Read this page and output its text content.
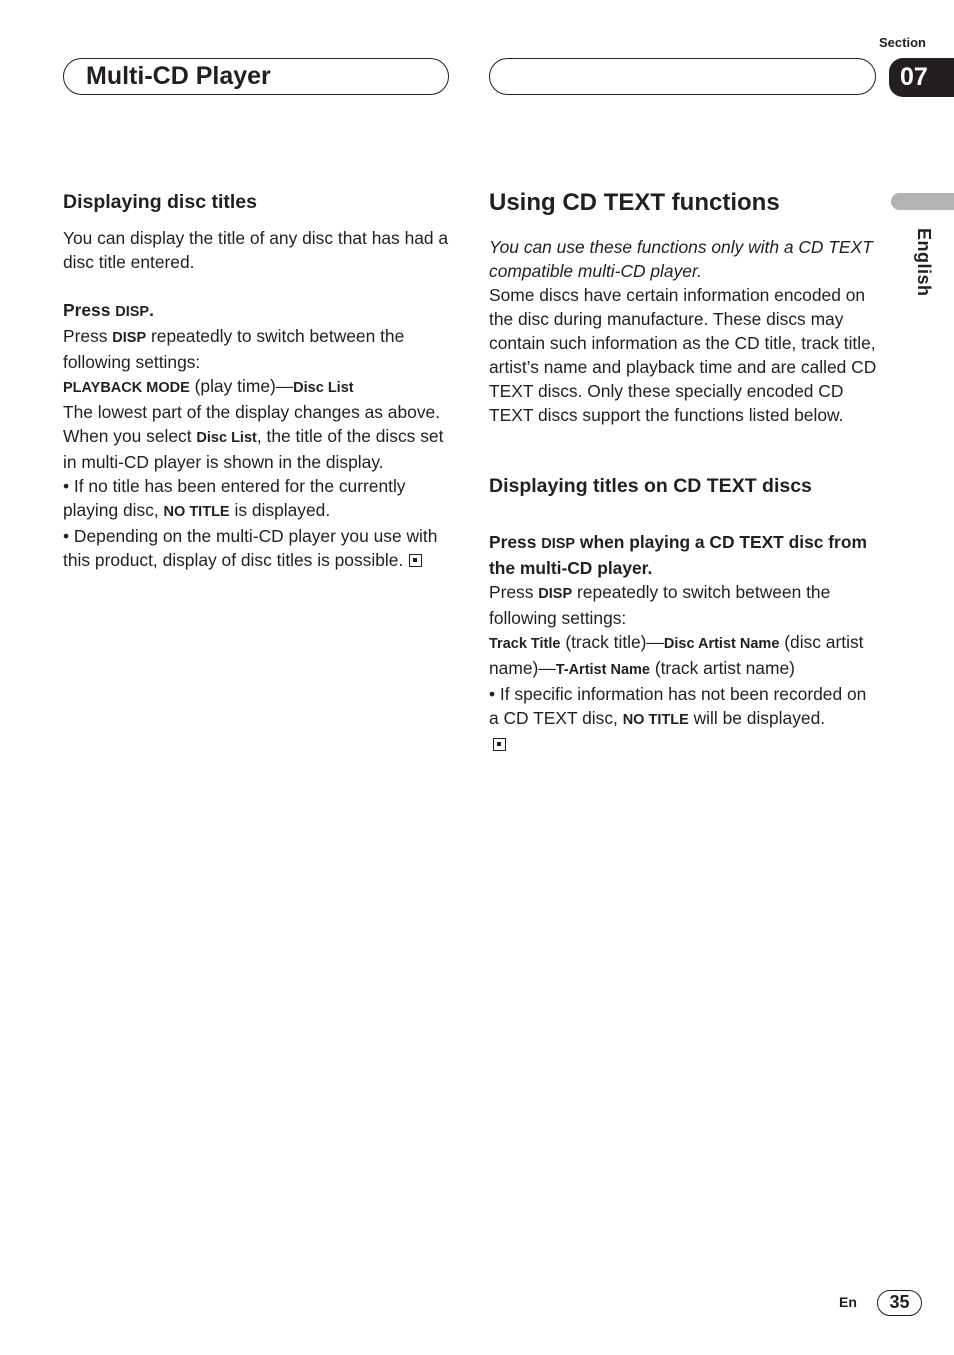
Section
Multi-CD Player	07
English

Displaying disc titles

You can display the title of any disc that has had a disc title entered.

Press DISP.

Press DISP repeatedly to switch between the following settings:

PLAYBACK MODE (play time)—Disc List

The lowest part of the display changes as above. When you select Disc List, the title of the discs set in multi-CD player is shown in the display.

• If no title has been entered for the currently playing disc, NO TITLE is displayed.

• Depending on the multi-CD player you use with this product, display of disc titles is possible.

Using CD TEXT functions

You can use these functions only with a CD TEXT compatible multi-CD player.

Some discs have certain information encoded on the disc during manufacture. These discs may contain such information as the CD title, track title, artist’s name and playback time and are called CD TEXT discs. Only these specially encoded CD TEXT discs support the functions listed below.

Displaying titles on CD TEXT discs

Press DISP when playing a CD TEXT disc from the multi-CD player.

Press DISP repeatedly to switch between the following settings:

Track Title (track title)—Disc Artist Name (disc artist name)—T-Artist Name (track artist name)

• If specific information has not been recorded on a CD TEXT disc, NO TITLE will be displayed.

En	35
